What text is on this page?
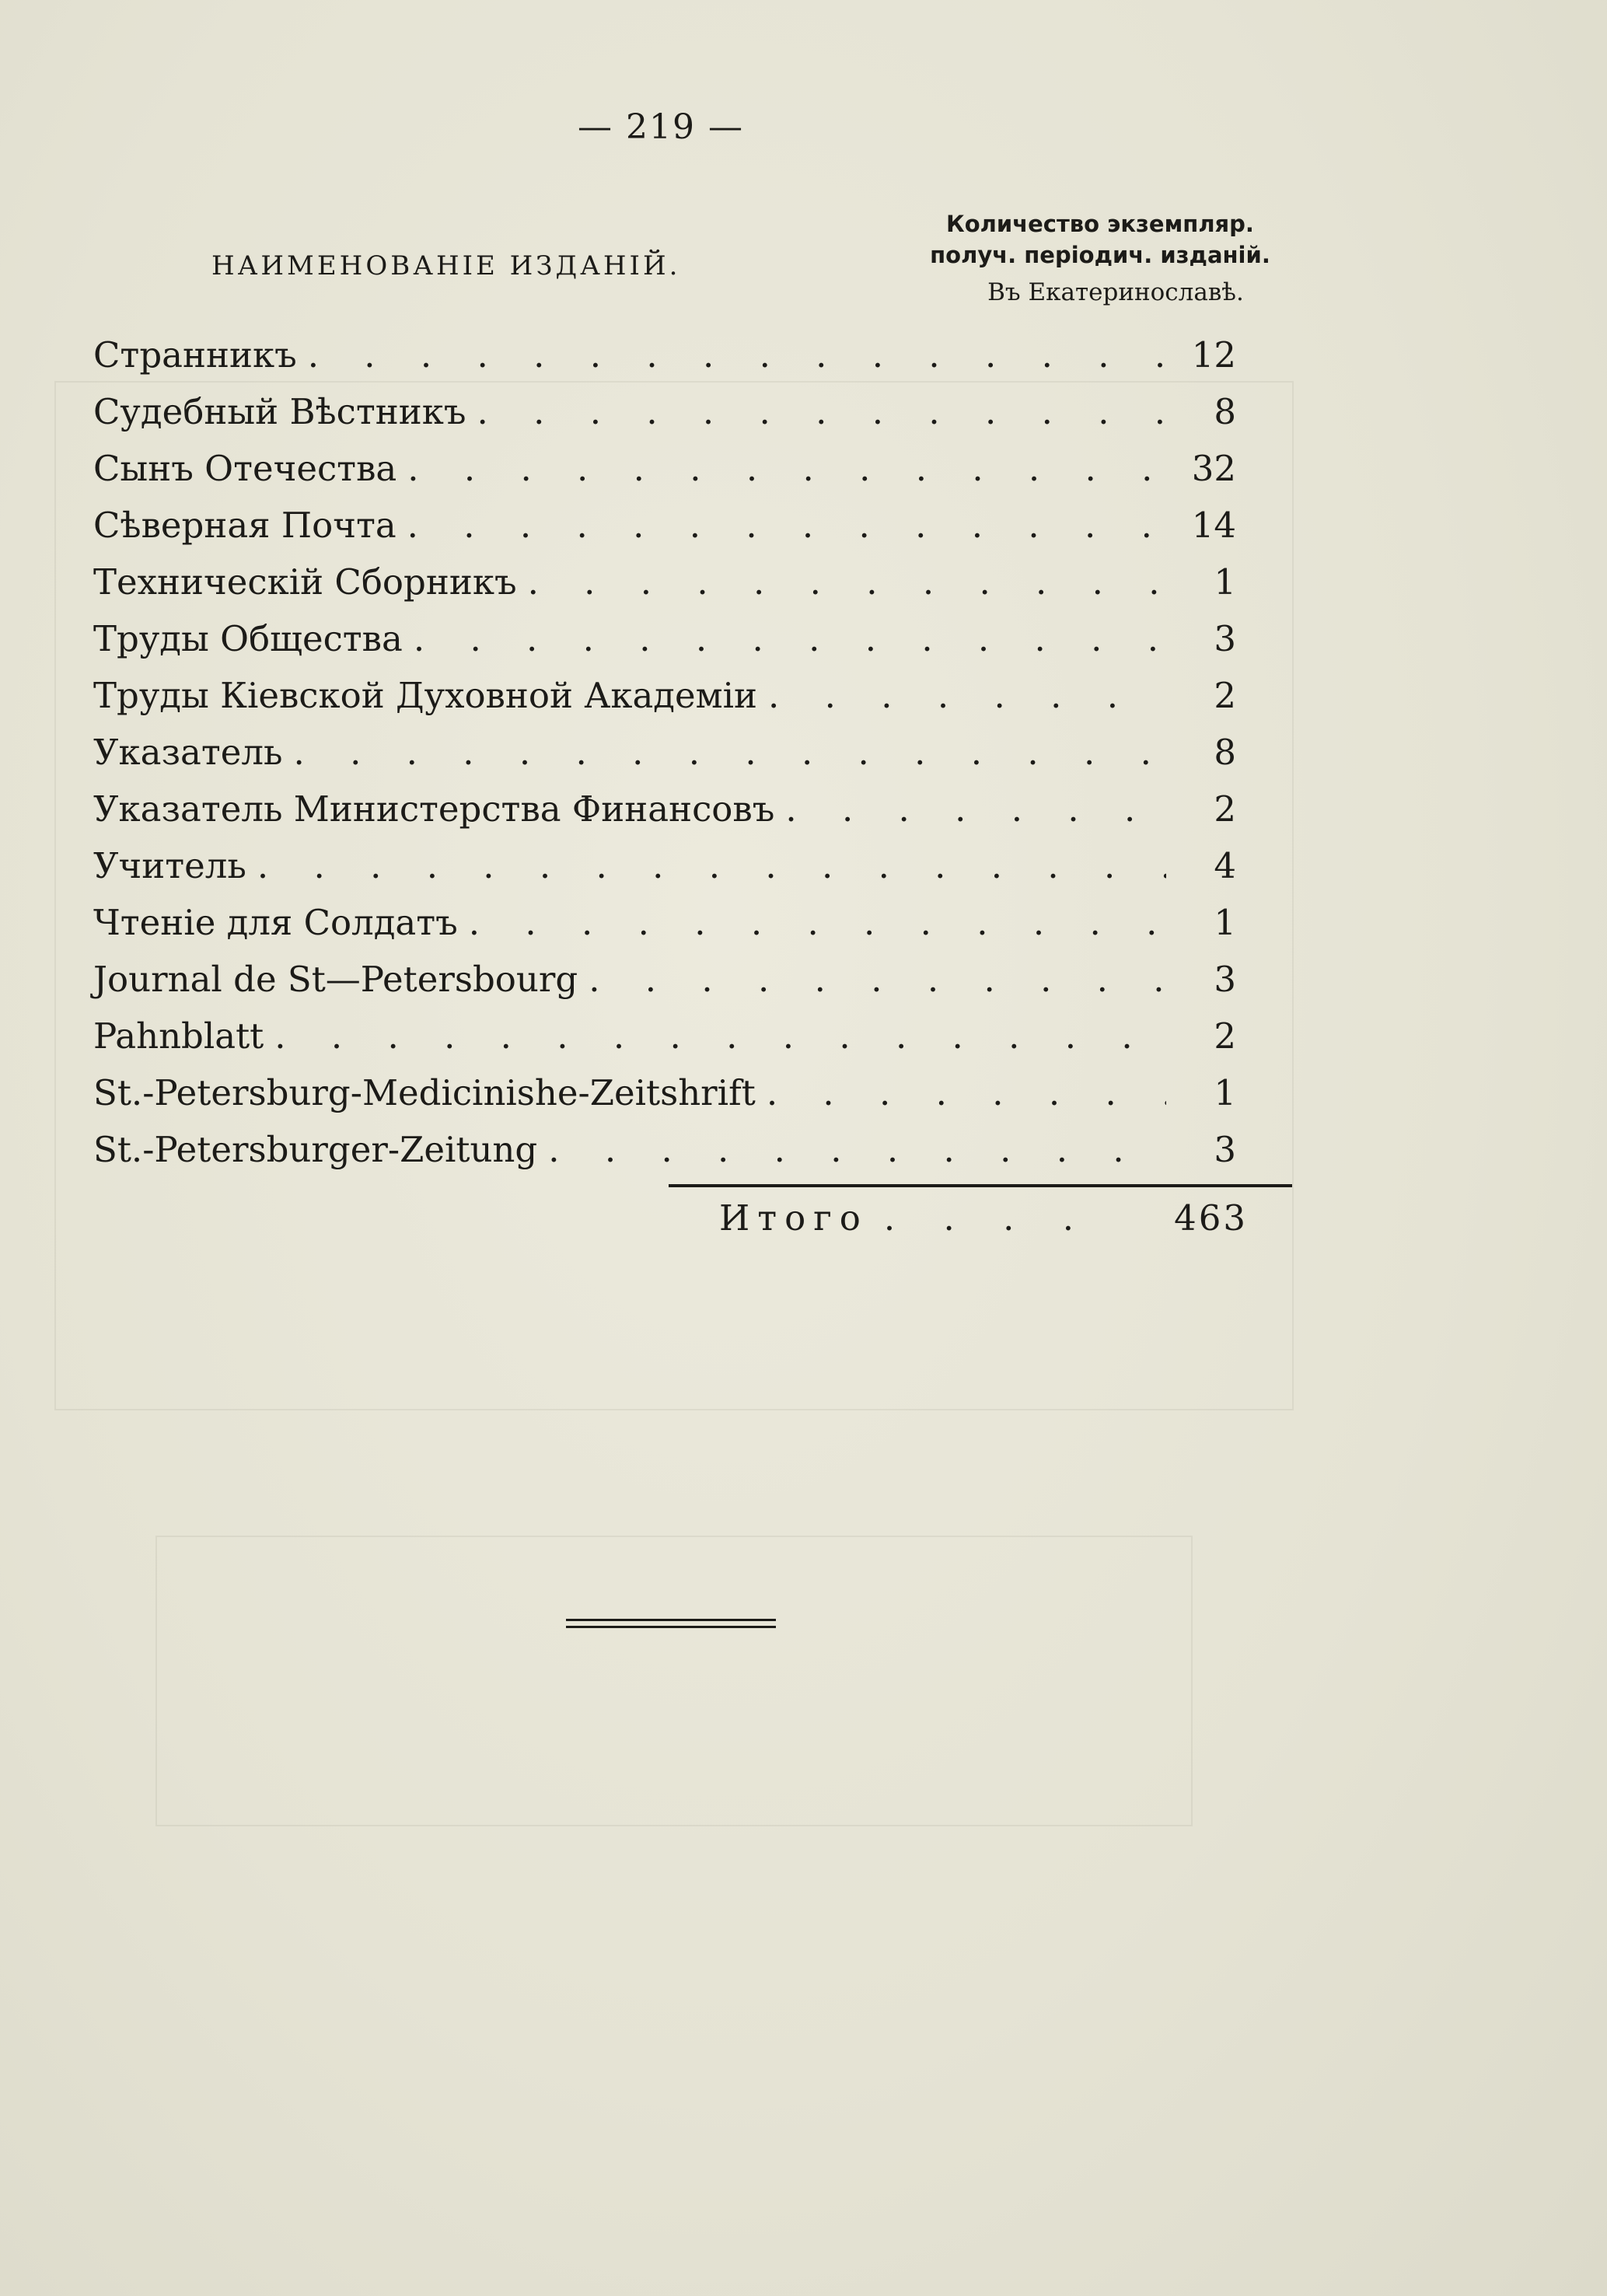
— 219 —
НАИМЕНОВАНІЕ ИЗДАНІЙ.
Количество экземпляр.
получ. періодич. изданій.
Въ Екатеринославѣ.
Странникъ . . .	12
Судебный Вѣстникъ . . .	8
Сынъ Отечества . . .	32
Сѣверная Почта . . .	14
Техническій Сборникъ . . .	1
Труды Общества . . .	3
Труды Кіевской Духовной Академіи . . .	2
Указатель . . .	8
Указатель Министерства Финансовъ . . .	2
Учитель . . .	4
Чтеніе для Солдатъ . . .	1
Journal de St—Petersbourg . . .	3
Pahnblatt . . .	2
St.-Petersburg-Medicinishe-Zeitshrift . . .	1
St.-Petersburger-Zeitung . . .	3
Итого . . . .	463
